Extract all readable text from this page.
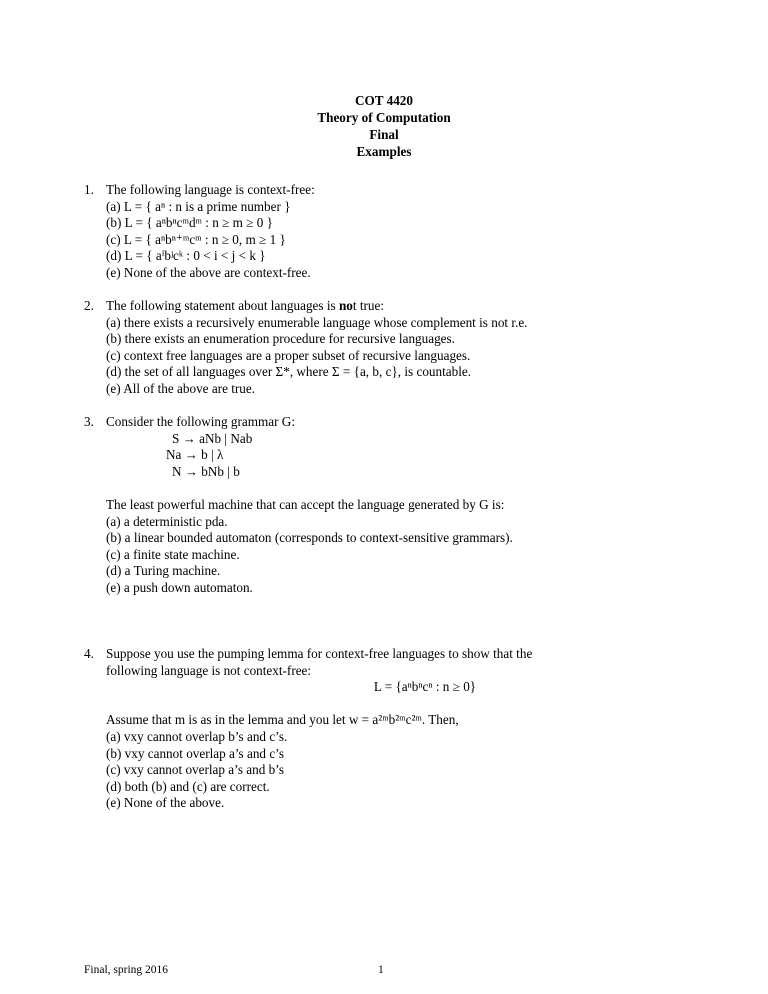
COT 4420
Theory of Computation
Final
Examples
1. The following language is context-free:
(a) L = { aⁿ : n is a prime number }
(b) L = { aⁿbⁿcᵐdᵐ : n ≥ m ≥ 0 }
(c) L = { aⁿbⁿ⁺ᵐcᵐ : n ≥ 0, m ≥ 1 }
(d) L = { aⁱbʲcᵏ : 0 < i < j < k }
(e) None of the above are context-free.
2. The following statement about languages is not true:
(a) there exists a recursively enumerable language whose complement is not r.e.
(b) there exists an enumeration procedure for recursive languages.
(c) context free languages are a proper subset of recursive languages.
(d) the set of all languages over Σ*, where Σ = {a, b, c}, is countable.
(e) All of the above are true.
3. Consider the following grammar G:
S → aNb | Nab
Na → b | λ
N → bNb | b
The least powerful machine that can accept the language generated by G is:
(a) a deterministic pda.
(b) a linear bounded automaton (corresponds to context-sensitive grammars).
(c) a finite state machine.
(d) a Turing machine.
(e) a push down automaton.
4. Suppose you use the pumping lemma for context-free languages to show that the
following language is not context-free:
L = {aⁿbⁿcⁿ : n ≥ 0}
Assume that m is as in the lemma and you let w = a²ᵐb²ᵐc²ᵐ. Then,
(a) vxy cannot overlap b’s and c’s.
(b) vxy cannot overlap a’s and c’s
(c) vxy cannot overlap a’s and b’s
(d) both (b) and (c) are correct.
(e) None of the above.
Final, spring 2016	1
